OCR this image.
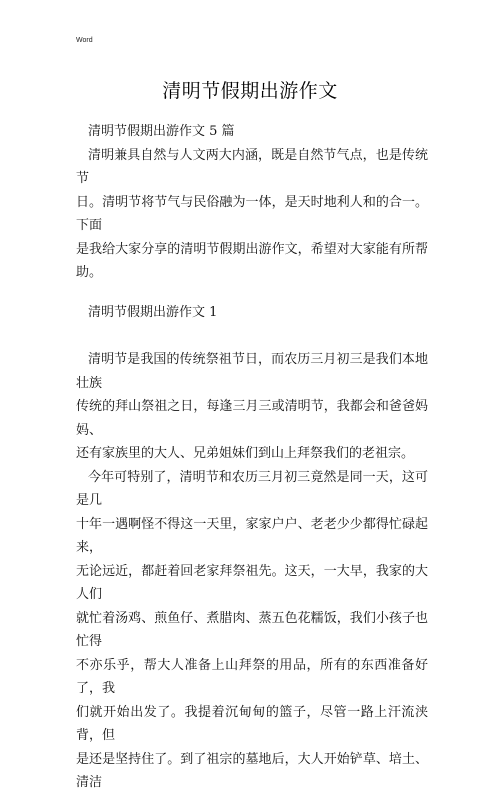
Word
清明节假期出游作文

清明节假期出游作文 5 篇

清明兼具自然与人文两大内涵，既是自然节气点，也是传统节

日。清明节将节气与民俗融为一体，是天时地利人和的合一。下面

是我给大家分享的清明节假期出游作文，希望对大家能有所帮助。

清明节假期出游作文 1

清明节是我国的传统祭祖节日，而农历三月初三是我们本地壮族

传统的拜山祭祖之日，每逢三月三或清明节，我都会和爸爸妈妈、

还有家族里的大人、兄弟姐妹们到山上拜祭我们的老祖宗。

今年可特别了，清明节和农历三月初三竟然是同一天，这可是几

十年一遇啊怪不得这一天里，家家户户、老老少少都得忙碌起来，

无论远近，都赶着回老家拜祭祖先。这天，一大早，我家的大人们

就忙着汤鸡、煎鱼仔、煮腊肉、蒸五色花糯饭，我们小孩子也忙得

不亦乐乎，帮大人准备上山拜祭的用品，所有的东西准备好了，我

们就开始出发了。我提着沉甸甸的篮子，尽管一路上汗流浃背，但

是还是坚持住了。到了祖宗的墓地后，大人开始铲草、培土、清洁
